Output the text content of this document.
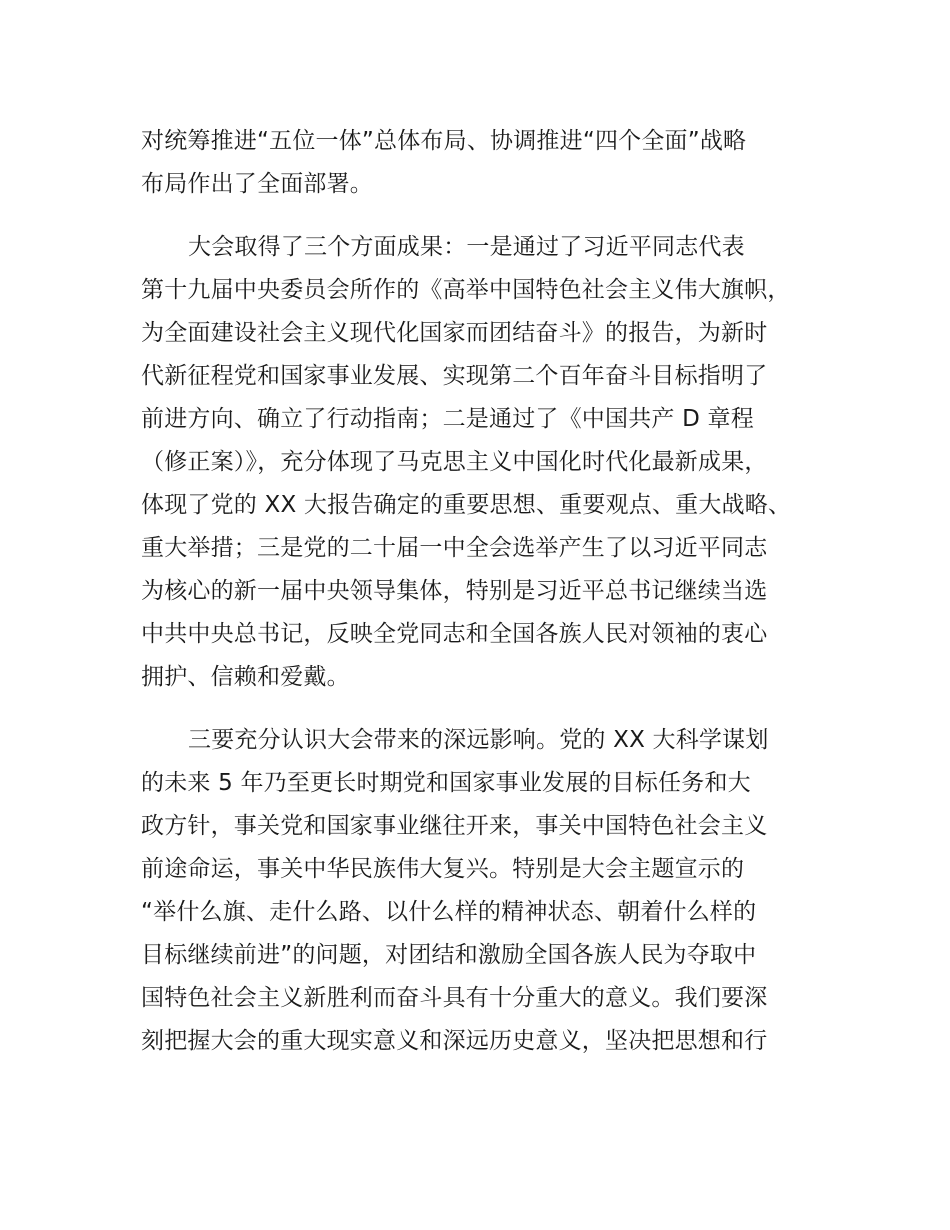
对统筹推进“五位一体”总体布局、协调推进“四个全面”战略
布局作出了全面部署。
大会取得了三个方面成果：一是通过了习近平同志代表
第十九届中央委员会所作的《高举中国特色社会主义伟大旗帜，
为全面建设社会主义现代化国家而团结奋斗》的报告，为新时
代新征程党和国家事业发展、实现第二个百年奋斗目标指明了
前进方向、确立了行动指南；二是通过了《中国共产 D 章程
（修正案）》，充分体现了马克思主义中国化时代化最新成果，
体现了党的 XX 大报告确定的重要思想、重要观点、重大战略、
重大举措；三是党的二十届一中全会选举产生了以习近平同志
为核心的新一届中央领导集体，特别是习近平总书记继续当选
中共中央总书记，反映全党同志和全国各族人民对领袖的衷心
拥护、信赖和爱戴。
三要充分认识大会带来的深远影响。党的 XX 大科学谋划
的未来 5 年乃至更长时期党和国家事业发展的目标任务和大
政方针，事关党和国家事业继往开来，事关中国特色社会主义
前途命运，事关中华民族伟大复兴。特别是大会主题宣示的
“举什么旗、走什么路、以什么样的精神状态、朝着什么样的
目标继续前进”的问题，对团结和激励全国各族人民为夺取中
国特色社会主义新胜利而奋斗具有十分重大的意义。我们要深
刻把握大会的重大现实意义和深远历史意义，坚决把思想和行
